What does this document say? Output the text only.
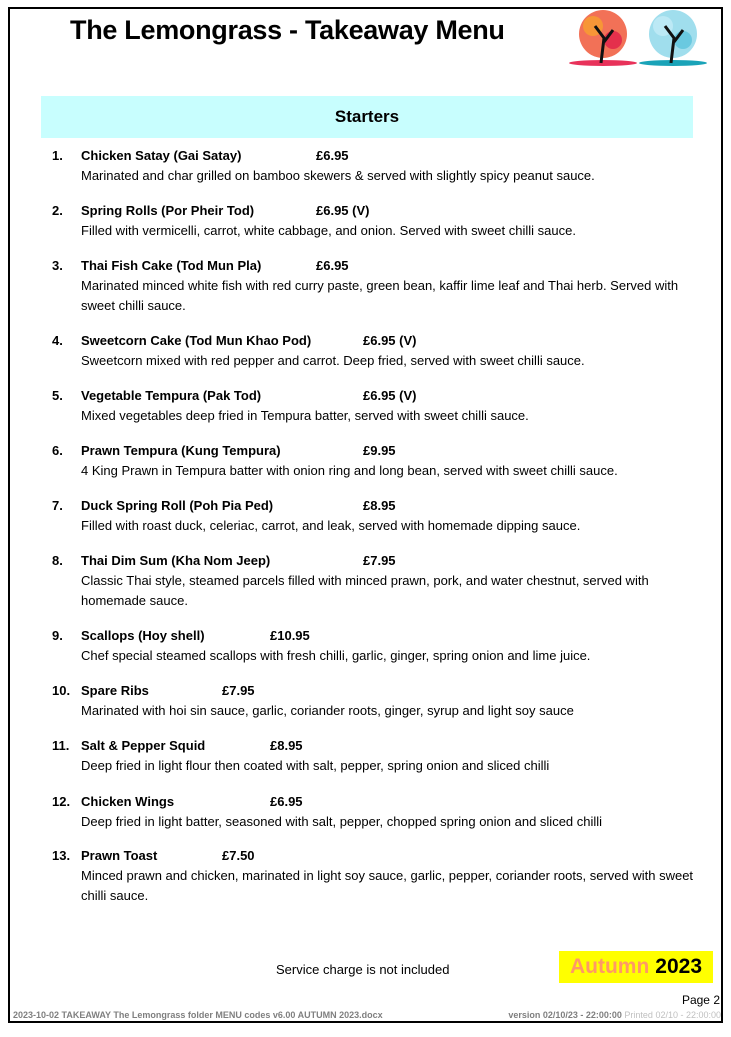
The Lemongrass - Takeaway Menu
Starters
1. Chicken Satay (Gai Satay)	£6.95
Marinated and char grilled on bamboo skewers & served with slightly spicy peanut sauce.
2. Spring Rolls (Por Pheir Tod)	£6.95 (V)
Filled with vermicelli, carrot, white cabbage, and onion. Served with sweet chilli sauce.
3. Thai Fish Cake (Tod Mun Pla)	£6.95
Marinated minced white fish with red curry paste, green bean, kaffir lime leaf and Thai herb. Served with sweet chilli sauce.
4. Sweetcorn Cake (Tod Mun Khao Pod)	£6.95 (V)
Sweetcorn mixed with red pepper and carrot. Deep fried, served with sweet chilli sauce.
5. Vegetable Tempura (Pak Tod)	£6.95 (V)
Mixed vegetables deep fried in Tempura batter, served with sweet chilli sauce.
6. Prawn Tempura (Kung Tempura)	£9.95
4 King Prawn in Tempura batter with onion ring and long bean, served with sweet chilli sauce.
7. Duck Spring Roll (Poh Pia Ped)	£8.95
Filled with roast duck, celeriac, carrot, and leak, served with homemade dipping sauce.
8. Thai Dim Sum (Kha Nom Jeep)	£7.95
Classic Thai style, steamed parcels filled with minced prawn, pork, and water chestnut, served with homemade sauce.
9. Scallops (Hoy shell)	£10.95
Chef special steamed scallops with fresh chilli, garlic, ginger, spring onion and lime juice.
10. Spare Ribs	£7.95
Marinated with hoi sin sauce, garlic, coriander roots, ginger, syrup and light soy sauce
11. Salt & Pepper Squid	£8.95
Deep fried in light flour then coated with salt, pepper, spring onion and sliced chilli
12. Chicken Wings	£6.95
Deep fried in light batter, seasoned with salt, pepper, chopped spring onion and sliced chilli
13. Prawn Toast	£7.50
Minced prawn and chicken, marinated in light soy sauce, garlic, pepper, coriander roots, served with sweet chilli sauce.
Service charge is not included	Autumn 2023
Page 2
2023-10-02 TAKEAWAY The Lemongrass folder MENU codes v6.00 AUTUMN 2023.docx	version 02/10/23 - 22:00:00 Printed 02/10 - 22:00:00
